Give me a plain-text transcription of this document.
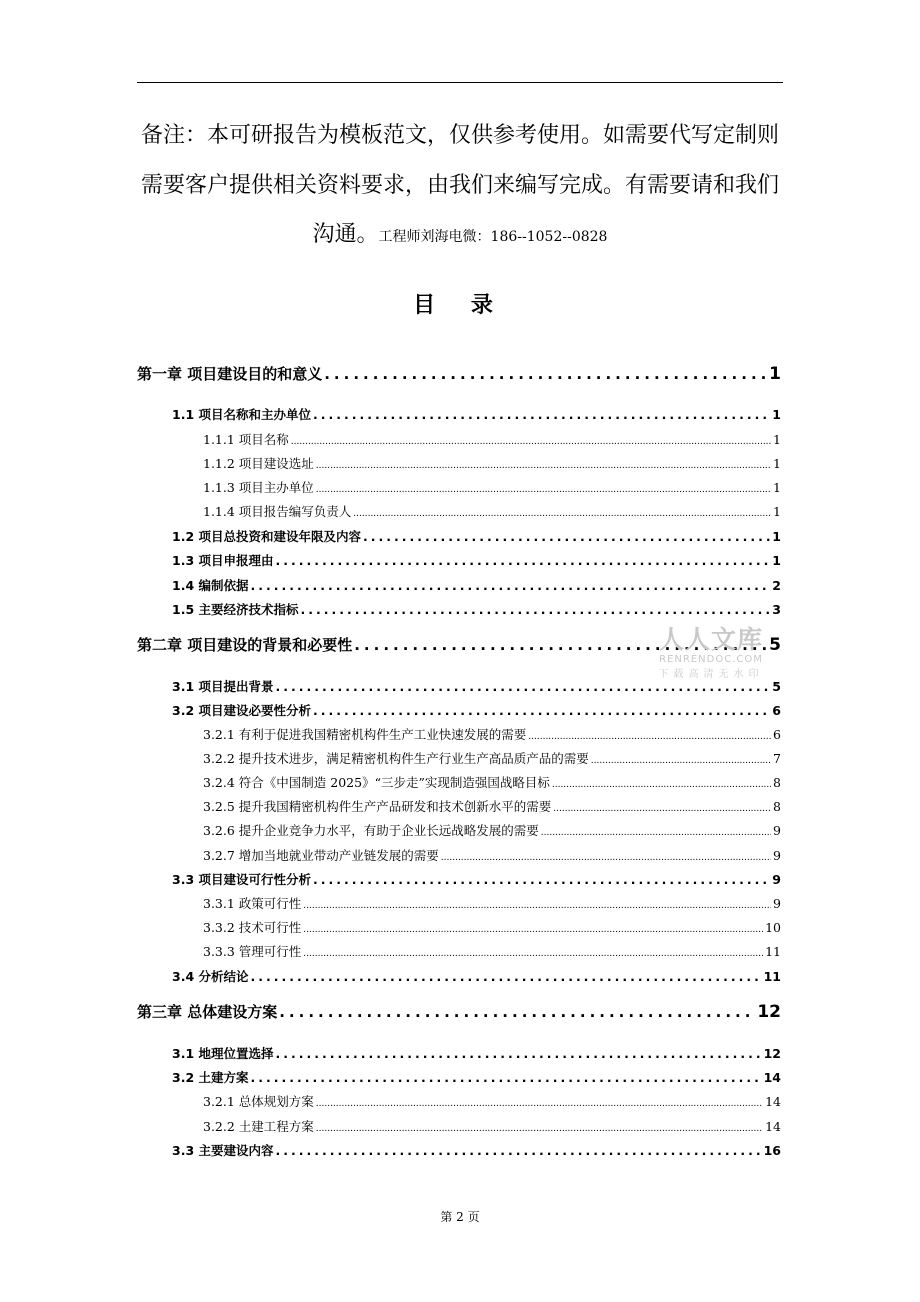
备注：本可研报告为模板范文，仅供参考使用。如需要代写定制则
需要客户提供相关资料要求，由我们来编写完成。有需要请和我们
沟通。工程师刘海电微：186--1052--0828
目 录
第一章 项目建设目的和意义 .....	1
1.1 项目名称和主办单位 .....	1
1.1.1 项目名称 .....	1
1.1.2 项目建设选址 .....	1
1.1.3 项目主办单位 .....	1
1.1.4 项目报告编写负责人 .....	1
1.2 项目总投资和建设年限及内容 .....	1
1.3 项目申报理由 .....	1
1.4 编制依据 .....	2
1.5 主要经济技术指标 .....	3
第二章 项目建设的背景和必要性 .....	5
3.1 项目提出背景 .....	5
3.2 项目建设必要性分析 .....	6
3.2.1 有利于促进我国精密机构件生产工业快速发展的需要 .....	6
3.2.2 提升技术进步，满足精密机构件生产行业生产高品质产品的需要 .....	7
3.2.4 符合《中国制造 2025》“三步走”实现制造强国战略目标 .....	8
3.2.5 提升我国精密机构件生产产品研发和技术创新水平的需要 .....	8
3.2.6 提升企业竞争力水平，有助于企业长远战略发展的需要 .....	9
3.2.7 增加当地就业带动产业链发展的需要 .....	9
3.3 项目建设可行性分析 .....	9
3.3.1 政策可行性 .....	9
3.3.2 技术可行性 .....	10
3.3.3 管理可行性 .....	11
3.4 分析结论 .....	11
第三章 总体建设方案 .....	12
3.1 地理位置选择 .....	12
3.2 土建方案 .....	14
3.2.1 总体规划方案 .....	14
3.2.2 土建工程方案 .....	14
3.3 主要建设内容 .....	16
人人文库
RENRENDOC.COM
下载高清无水印
第 2 页
